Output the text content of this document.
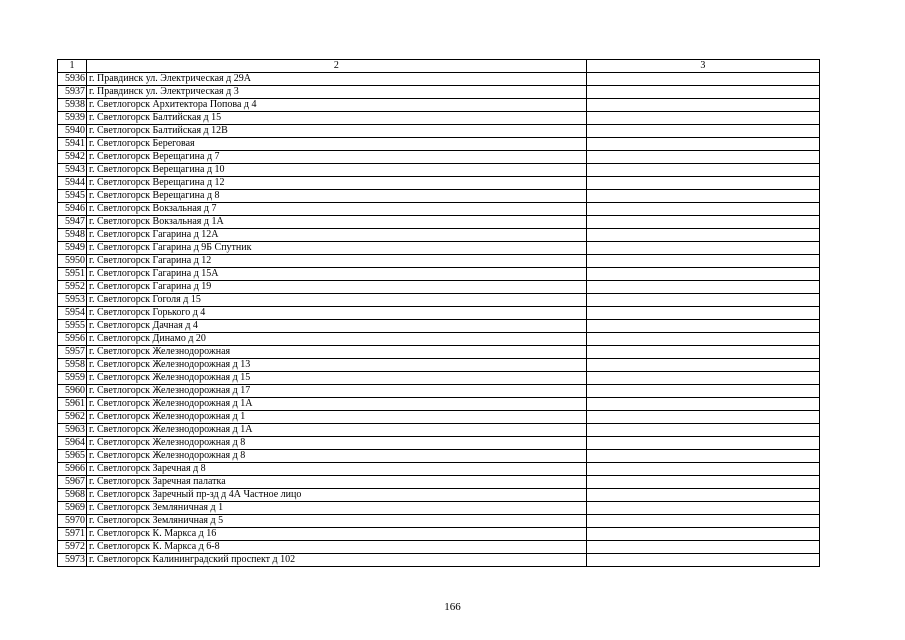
1	2	3
5936	г. Правдинск ул. Электрическая д 29А	
5937	г. Правдинск ул. Электрическая д 3	
5938	г. Светлогорск Архитектора Попова д 4	
5939	г. Светлогорск Балтийская д 15	
5940	г. Светлогорск Балтийская д 12В	
5941	г. Светлогорск Береговая	
5942	г. Светлогорск Верещагина д 7	
5943	г. Светлогорск Верещагина д 10	
5944	г. Светлогорск Верещагина д 12	
5945	г. Светлогорск Верещагина д 8	
5946	г. Светлогорск Вокзальная д 7	
5947	г. Светлогорск Вокзальная д 1А	
5948	г. Светлогорск Гагарина д 12А	
5949	г. Светлогорск Гагарина д 9Б Спутник	
5950	г. Светлогорск Гагарина д 12	
5951	г. Светлогорск Гагарина д 15А	
5952	г. Светлогорск Гагарина д 19	
5953	г. Светлогорск Гоголя д 15	
5954	г. Светлогорск Горького д 4	
5955	г. Светлогорск Дачная д 4	
5956	г. Светлогорск Динамо д 20	
5957	г. Светлогорск Железнодорожная	
5958	г. Светлогорск Железнодорожная д 13	
5959	г. Светлогорск Железнодорожная д 15	
5960	г. Светлогорск Железнодорожная д 17	
5961	г. Светлогорск Железнодорожная д 1А	
5962	г. Светлогорск Железнодорожная д 1	
5963	г. Светлогорск Железнодорожная д 1А	
5964	г. Светлогорск Железнодорожная д 8	
5965	г. Светлогорск Железнодорожная д 8	
5966	г. Светлогорск Заречная д 8	
5967	г. Светлогорск Заречная палатка	
5968	г. Светлогорск Заречный пр-зд д 4А Частное лицо	
5969	г. Светлогорск Земляничная д 1	
5970	г. Светлогорск Земляничная д 5	
5971	г. Светлогорск К. Маркса д 16	
5972	г. Светлогорск К. Маркса д 6-8	
5973	г. Светлогорск Калининградский проспект д 102	
166
